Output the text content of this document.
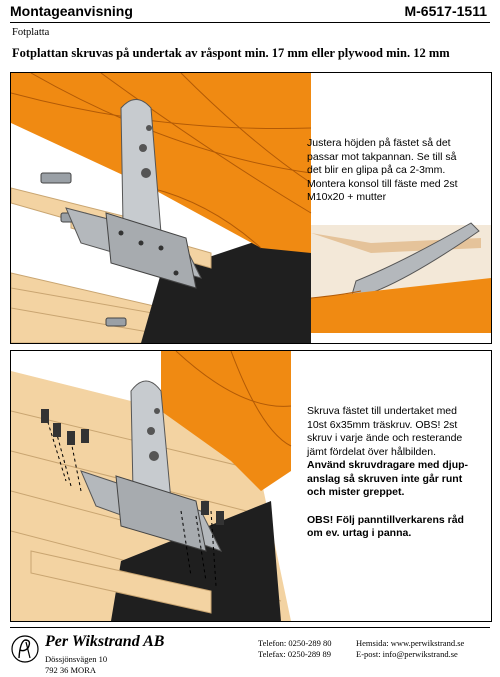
Montageanvisning	M-6517-1511
Fotplatta
Fotplattan skruvas på undertak av råspont min. 17 mm eller plywood min. 12 mm
Justera höjden på fästet så det
passar mot takpannan. Se till så
det blir en glipa på ca 2-3mm.
Montera konsol till fäste med 2st
M10x20 + mutter
Skruva fästet till undertaket med
10st 6x35mm träskruv. OBS! 2st
skruv i varje ände och resterande
jämt fördelat över hålbilden.
Använd skruvdragare med djup-
anslag så skruven inte går runt
och mister greppet.
OBS! Följ panntillverkarens råd
om ev. urtag i panna.
Per Wikstrand AB
Dössjönsvägen 10
792 36 MORA
Telefon: 0250-289 80
Telefax: 0250-289 89
Hemsida: www.perwikstrand.se
E-post: info@perwikstrand.se
